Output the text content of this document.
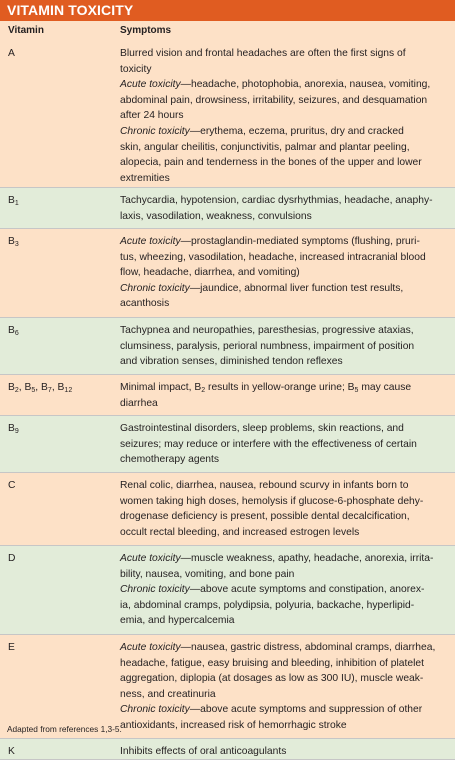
VITAMIN TOXICITY
Vitamin	Symptoms
A	Blurred vision and frontal headaches are often the first signs of
toxicity
Acute toxicity—headache, photophobia, anorexia, nausea, vomiting,
abdominal pain, drowsiness, irritability, seizures, and desquamation
after 24 hours
Chronic toxicity—erythema, eczema, pruritus, dry and cracked
skin, angular cheilitis, conjunctivitis, palmar and plantar peeling,
alopecia, pain and tenderness in the bones of the upper and lower
extremities
$B_1$	Tachycardia, hypotension, cardiac dysrhythmias, headache, anaphy-
laxis, vasodilation, weakness, convulsions
$B_3$	Acute toxicity—prostaglandin-mediated symptoms (flushing, pruri-
tus, wheezing, vasodilation, headache, increased intracranial blood
flow, headache, diarrhea, and vomiting)
Chronic toxicity—jaundice, abnormal liver function test results,
acanthosis
$B_6$	Tachypnea and neuropathies, paresthesias, progressive ataxias,
clumsiness, paralysis, perioral numbness, impairment of position
and vibration senses, diminished tendon reflexes
$B_2$, $B_5$, $B_7$, $B_{12}$	Minimal impact, $B_2$ results in yellow-orange urine; $B_5$ may cause
diarrhea
$B_9$	Gastrointestinal disorders, sleep problems, skin reactions, and
seizures; may reduce or interfere with the effectiveness of certain
chemotherapy agents
C	Renal colic, diarrhea, nausea, rebound scurvy in infants born to
women taking high doses, hemolysis if glucose-6-phosphate dehy-
drogenase deficiency is present, possible dental decalcification,
occult rectal bleeding, and increased estrogen levels
D	Acute toxicity—muscle weakness, apathy, headache, anorexia, irrita-
bility, nausea, vomiting, and bone pain
Chronic toxicity—above acute symptoms and constipation, anorex-
ia, abdominal cramps, polydipsia, polyuria, backache, hyperlipid-
emia, and hypercalcemia
E	Acute toxicity—nausea, gastric distress, abdominal cramps, diarrhea,
headache, fatigue, easy bruising and bleeding, inhibition of platelet
aggregation, diplopia (at dosages as low as 300 IU), muscle weak-
ness, and creatinuria
Chronic toxicity—above acute symptoms and suppression of other
antioxidants, increased risk of hemorrhagic stroke
K	Inhibits effects of oral anticoagulants
Adapted from references 1,3-5.
